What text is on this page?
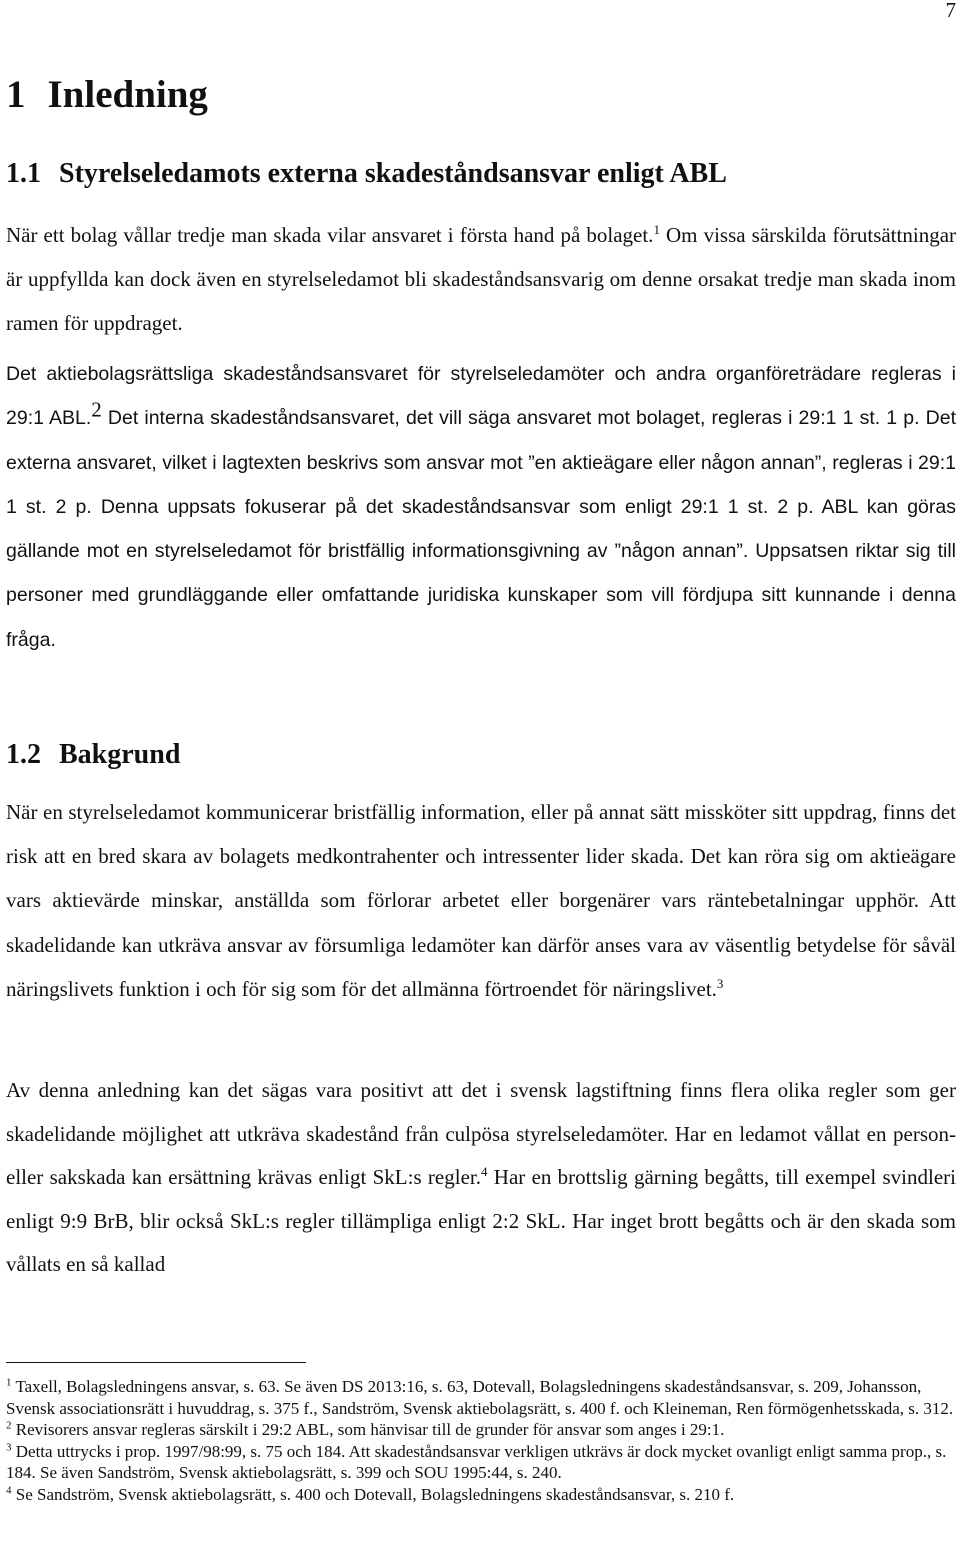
7
1 Inledning
1.1 Styrelseledamots externa skadeståndsansvar enligt ABL

När ett bolag vållar tredje man skada vilar ansvaret i första hand på bolaget.$^1$ Om vissa särskilda förutsättningar är uppfyllda kan dock även en styrelseledamot bli skadeståndsansvarig om denne orsakat tredje man skada inom ramen för uppdraget.

Det aktiebolagsrättsliga skadeståndsansvaret för styrelseledamöter och andra organföreträdare regleras i 29:1 ABL.$^2$ Det interna skadeståndsansvaret, det vill säga ansvaret mot bolaget, regleras i 29:1 1 st. 1 p. Det externa ansvaret, vilket i lagtexten beskrivs som ansvar mot ”en aktieägare eller någon annan”, regleras i 29:1 1 st. 2 p. Denna uppsats fokuserar på det skadeståndsansvar som enligt 29:1 1 st. 2 p. ABL kan göras gällande mot en styrelseledamot för bristfällig informationsgivning av ”någon annan”. Uppsatsen riktar sig till personer med grundläggande eller omfattande juridiska kunskaper som vill fördjupa sitt kunnande i denna fråga.

1.2 Bakgrund

När en styrelseledamot kommunicerar bristfällig information, eller på annat sätt missköter sitt uppdrag, finns det risk att en bred skara av bolagets medkontrahenter och intressenter lider skada. Det kan röra sig om aktieägare vars aktievärde minskar, anställda som förlorar arbetet eller borgenärer vars räntebetalningar upphör. Att skadelidande kan utkräva ansvar av försumliga ledamöter kan därför anses vara av väsentlig betydelse för såväl näringslivets funktion i och för sig som för det allmänna förtroendet för näringslivet.$^3$

Av denna anledning kan det sägas vara positivt att det i svensk lagstiftning finns flera olika regler som ger skadelidande möjlighet att utkräva skadestånd från culpösa styrelseledamöter. Har en ledamot vållat en person- eller sakskada kan ersättning krävas enligt SkL:s regler.$^4$ Har en brottslig gärning begåtts, till exempel svindleri enligt 9:9 BrB, blir också SkL:s regler tillämpliga enligt 2:2 SkL. Har inget brott begåtts och är den skada som vållats en så kallad

$^1$ Taxell, Bolagsledningens ansvar, s. 63. Se även DS 2013:16, s. 63, Dotevall, Bolagsledningens skadeståndsansvar, s. 209, Johansson, Svensk associationsrätt i huvuddrag, s. 375 f., Sandström, Svensk aktiebolagsrätt, s. 400 f. och Kleineman, Ren förmögenhetsskada, s. 312.

$^2$ Revisorers ansvar regleras särskilt i 29:2 ABL, som hänvisar till de grunder för ansvar som anges i 29:1.

$^3$ Detta uttrycks i prop. 1997/98:99, s. 75 och 184. Att skadeståndsansvar verkligen utkrävs är dock mycket ovanligt enligt samma prop., s. 184. Se även Sandström, Svensk aktiebolagsrätt, s. 399 och SOU 1995:44, s. 240.

$^4$ Se Sandström, Svensk aktiebolagsrätt, s. 400 och Dotevall, Bolagsledningens skadeståndsansvar, s. 210 f.
